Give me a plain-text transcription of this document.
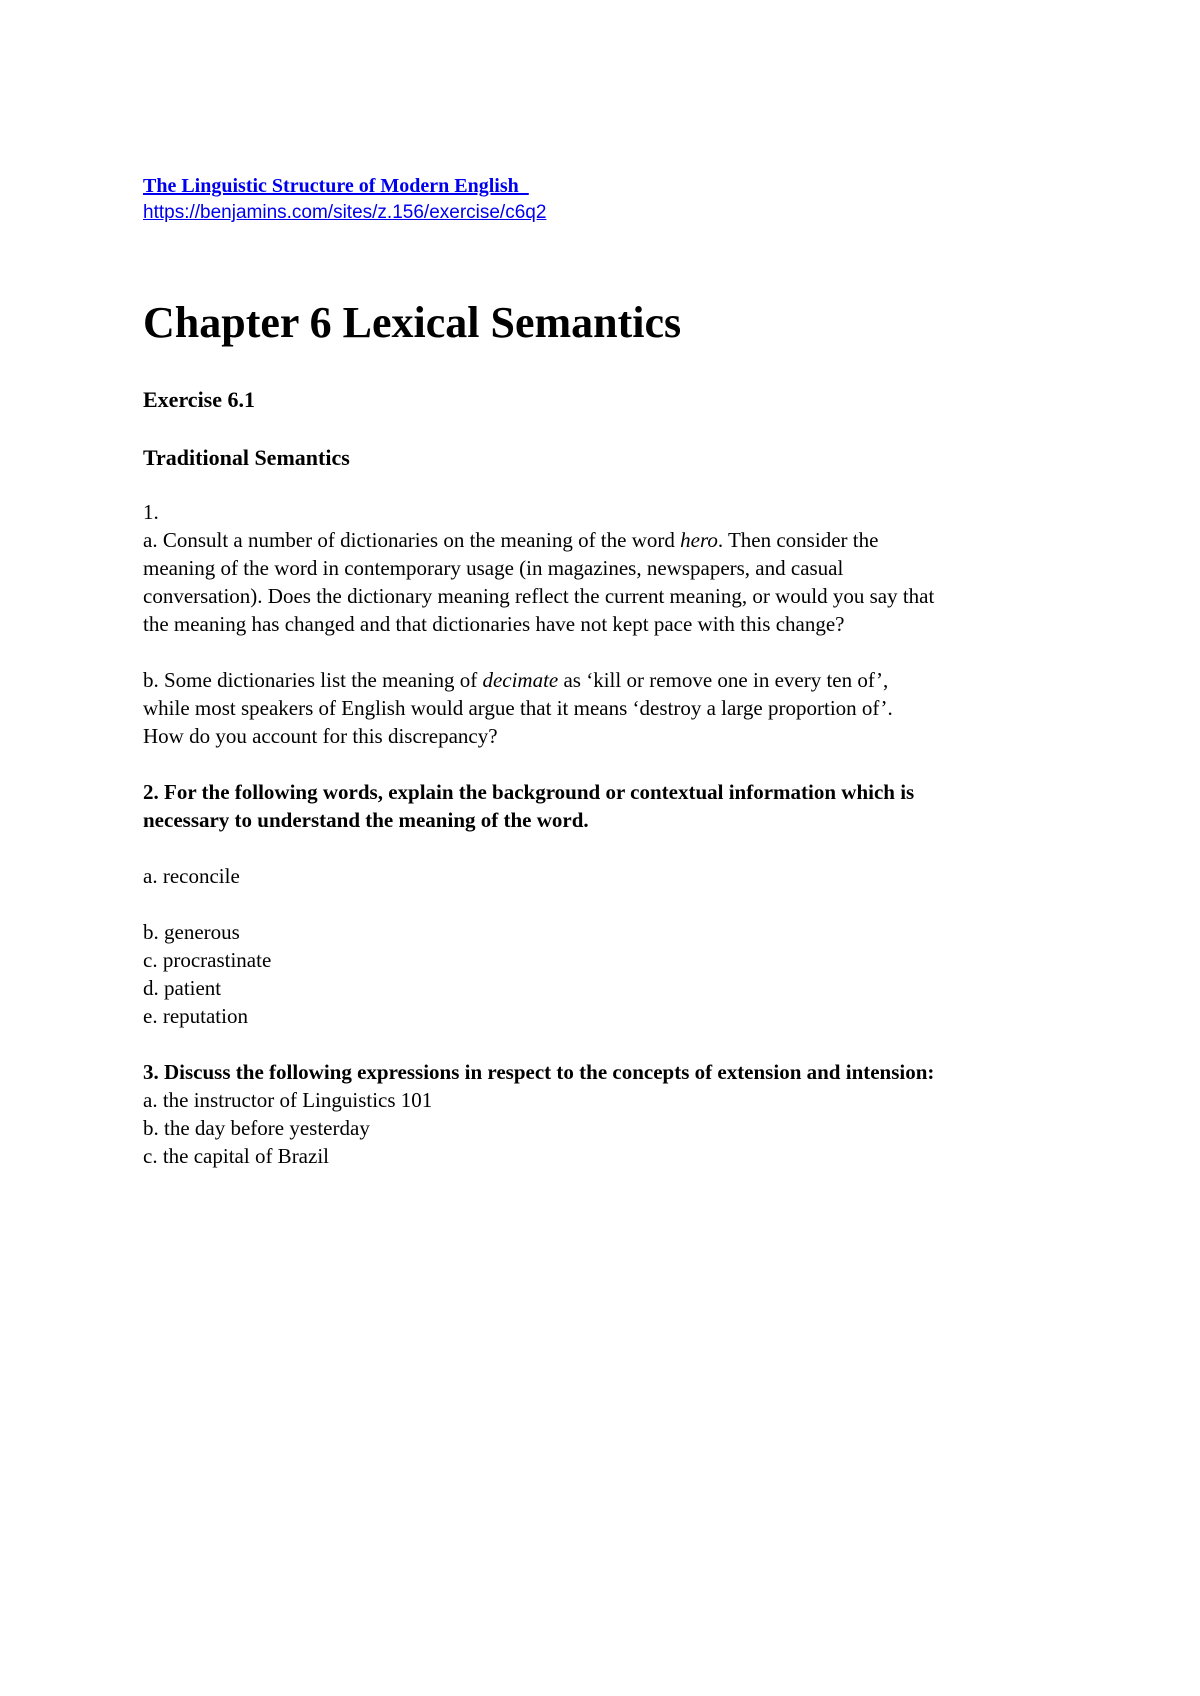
The Linguistic Structure of Modern English
https://benjamins.com/sites/z.156/exercise/c6q2
Chapter 6 Lexical Semantics
Exercise 6.1
Traditional Semantics

1.

a. Consult a number of dictionaries on the meaning of the word hero. Then consider the

meaning of the word in contemporary usage (in magazines, newspapers, and casual

conversation). Does the dictionary meaning reflect the current meaning, or would you say that

the meaning has changed and that dictionaries have not kept pace with this change?

b. Some dictionaries list the meaning of decimate as ‘kill or remove one in every ten of’,

while most speakers of English would argue that it means ‘destroy a large proportion of’.

How do you account for this discrepancy?

2. For the following words, explain the background or contextual information which is

necessary to understand the meaning of the word.

a. reconcile

b. generous

c. procrastinate

d. patient

e. reputation

3. Discuss the following expressions in respect to the concepts of extension and intension:

a. the instructor of Linguistics 101

b. the day before yesterday

c. the capital of Brazil
